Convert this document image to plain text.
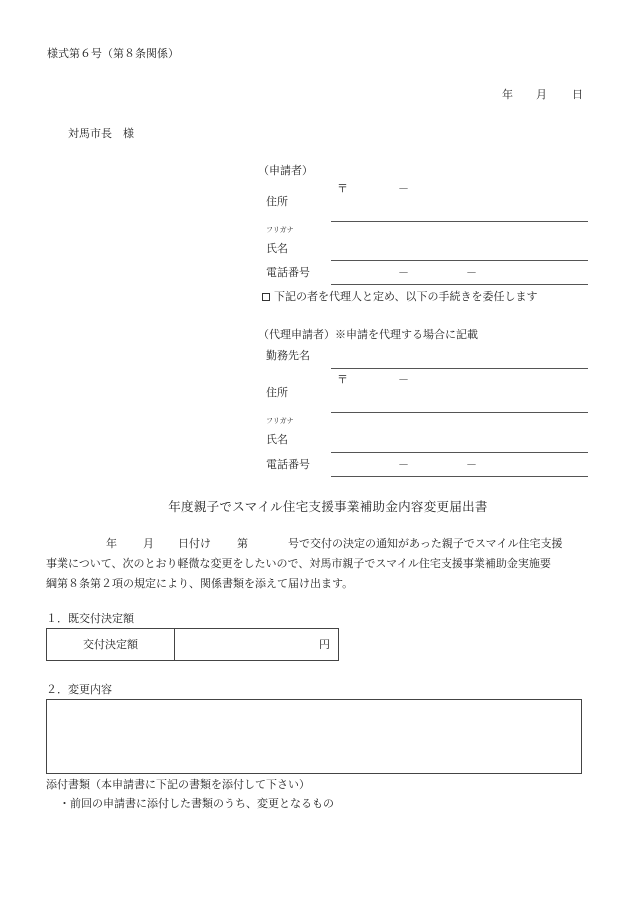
様式第６号（第８条関係）
年 月 日
対馬市長　様
（申請者）
〒	－
住所
フリガナ
氏名
電話番号	－	－
下記の者を代理人と定め、以下の手続きを委任します
（代理申請者）※申請を代理する場合に記載
勤務先名
〒	－
住所
フリガナ
氏名
電話番号	－	－
年度親子でスマイル住宅支援事業補助金内容変更届出書
年 月 日付け 第	号で交付の決定の通知があった親子でスマイル住宅支援
事業について、次のとおり軽微な変更をしたいので、対馬市親子でスマイル住宅支援事業補助金実施要
綱第８条第２項の規定により、関係書類を添えて届け出ます。
１．既交付決定額
交付決定額	円
２．変更内容
添付書類（本申請書に下記の書類を添付して下さい）
・前回の申請書に添付した書類のうち、変更となるもの
